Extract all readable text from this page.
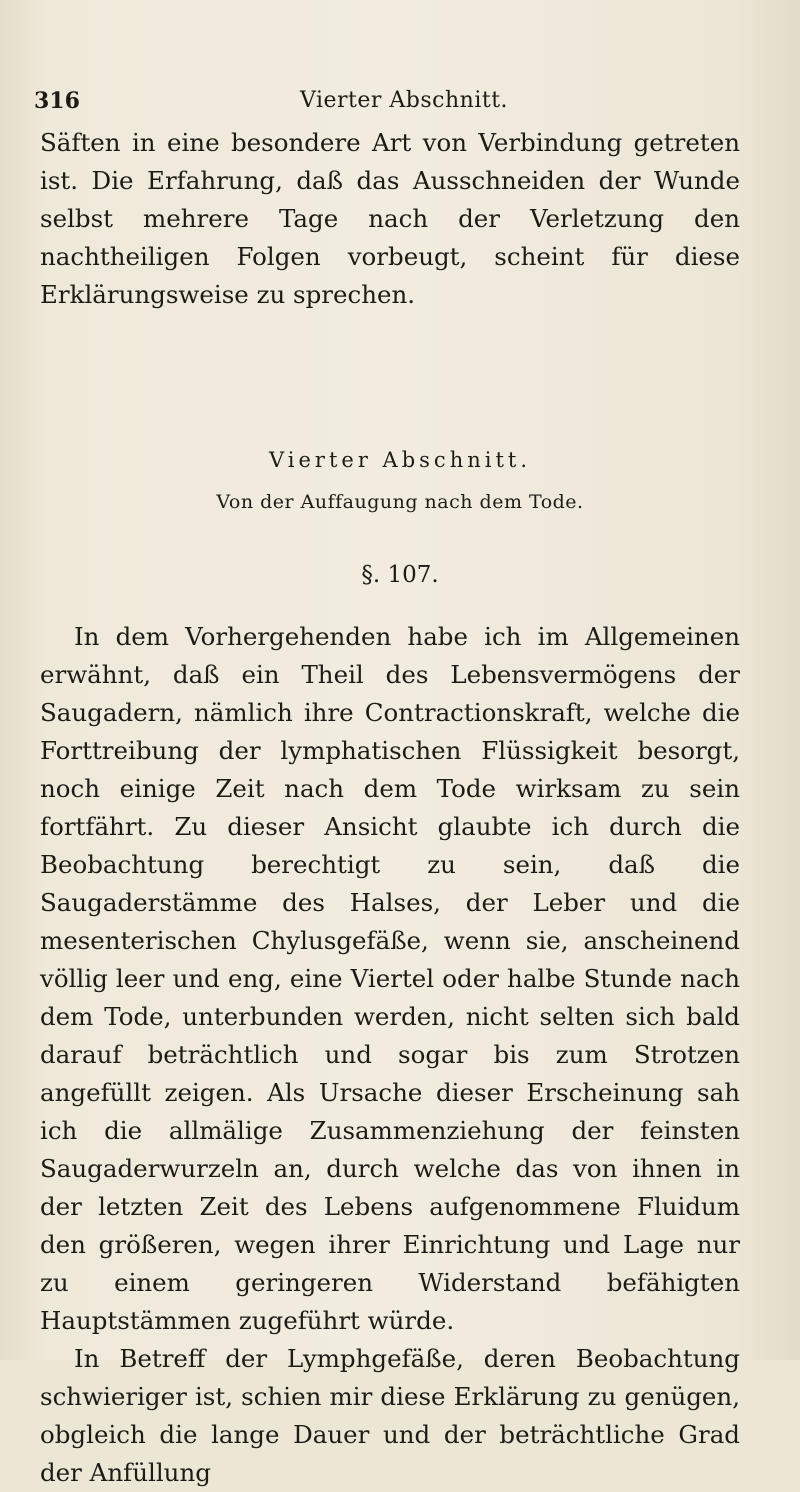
316	Vierter Abschnitt.

Säften in eine besondere Art von Verbindung getreten ist. Die Erfahrung, daß das Ausschneiden der Wunde selbst mehrere Tage nach der Verletzung den nachtheiligen Folgen vorbeugt, scheint für diese Erklärungsweise zu sprechen.

Vierter Abschnitt.
Von der Auffaugung nach dem Tode.
§. 107.

In dem Vorhergehenden habe ich im Allgemeinen erwähnt, daß ein Theil des Lebensvermögens der Saugadern, nämlich ihre Contractionskraft, welche die Forttreibung der lymphatischen Flüssigkeit besorgt, noch einige Zeit nach dem Tode wirksam zu sein fortfährt. Zu dieser Ansicht glaubte ich durch die Beobachtung berechtigt zu sein, daß die Saugaderstämme des Halses, der Leber und die mesenterischen Chylusgefäße, wenn sie, anscheinend völlig leer und eng, eine Viertel oder halbe Stunde nach dem Tode, unterbunden werden, nicht selten sich bald darauf beträchtlich und sogar bis zum Strotzen angefüllt zeigen. Als Ursache dieser Erscheinung sah ich die allmälige Zusammenziehung der feinsten Saugaderwurzeln an, durch welche das von ihnen in der letzten Zeit des Lebens aufgenommene Fluidum den größeren, wegen ihrer Einrichtung und Lage nur zu einem geringeren Widerstand befähigten Hauptstämmen zugeführt würde.

In Betreff der Lymphgefäße, deren Beobachtung schwieriger ist, schien mir diese Erklärung zu genügen, obgleich die lange Dauer und der beträchtliche Grad der Anfüllung
